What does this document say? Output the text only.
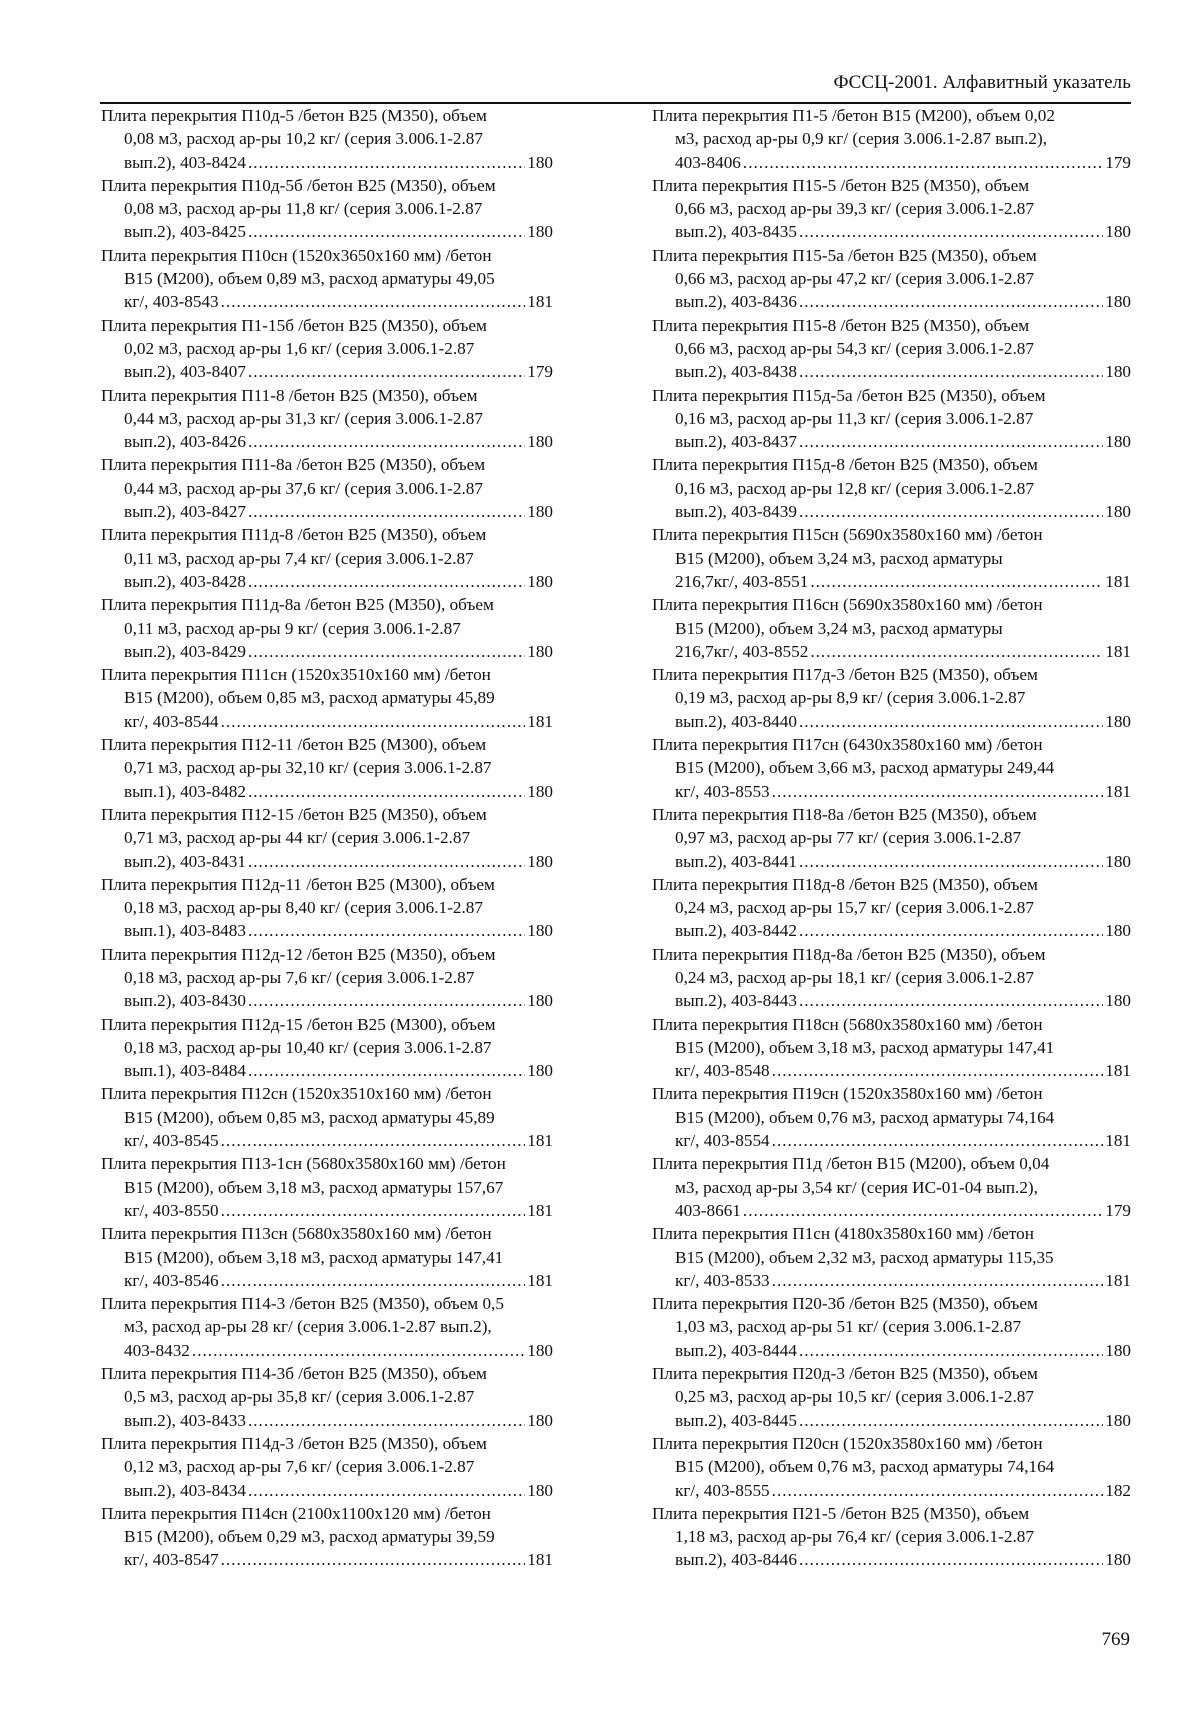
ФССЦ-2001. Алфавитный указатель
Плита перекрытия П10д-5 /бетон В25 (М350), объем
0,08 м3, расход ар-ры 10,2 кг/ (серия 3.006.1-2.87
вып.2), 403-8424 .....	180
Плита перекрытия П10д-5б /бетон В25 (М350), объем
0,08 м3, расход ар-ры 11,8 кг/ (серия 3.006.1-2.87
вып.2), 403-8425 .....	180
Плита перекрытия П10сн (1520х3650х160 мм) /бетон
В15 (М200), объем 0,89 м3, расход арматуры 49,05
кг/, 403-8543 .....	181
Плита перекрытия П1-15б /бетон В25 (М350), объем
0,02 м3, расход ар-ры 1,6 кг/ (серия 3.006.1-2.87
вып.2), 403-8407 .....	179
Плита перекрытия П11-8 /бетон В25 (М350), объем
0,44 м3, расход ар-ры 31,3 кг/ (серия 3.006.1-2.87
вып.2), 403-8426 .....	180
Плита перекрытия П11-8а /бетон В25 (М350), объем
0,44 м3, расход ар-ры 37,6 кг/ (серия 3.006.1-2.87
вып.2), 403-8427 .....	180
Плита перекрытия П11д-8 /бетон В25 (М350), объем
0,11 м3, расход ар-ры 7,4 кг/ (серия 3.006.1-2.87
вып.2), 403-8428 .....	180
Плита перекрытия П11д-8а /бетон В25 (М350), объем
0,11 м3, расход ар-ры 9 кг/ (серия 3.006.1-2.87
вып.2), 403-8429 .....	180
Плита перекрытия П11сн (1520х3510х160 мм) /бетон
В15 (М200), объем 0,85 м3, расход арматуры 45,89
кг/, 403-8544 .....	181
Плита перекрытия П12-11 /бетон В25 (М300), объем
0,71 м3, расход ар-ры 32,10 кг/ (серия 3.006.1-2.87
вып.1), 403-8482 .....	180
Плита перекрытия П12-15 /бетон В25 (М350), объем
0,71 м3, расход ар-ры 44 кг/ (серия 3.006.1-2.87
вып.2), 403-8431 .....	180
Плита перекрытия П12д-11 /бетон В25 (М300), объем
0,18 м3, расход ар-ры 8,40 кг/ (серия 3.006.1-2.87
вып.1), 403-8483 .....	180
Плита перекрытия П12д-12 /бетон В25 (М350), объем
0,18 м3, расход ар-ры 7,6 кг/ (серия 3.006.1-2.87
вып.2), 403-8430 .....	180
Плита перекрытия П12д-15 /бетон В25 (М300), объем
0,18 м3, расход ар-ры 10,40 кг/ (серия 3.006.1-2.87
вып.1), 403-8484 .....	180
Плита перекрытия П12сн (1520х3510х160 мм) /бетон
В15 (М200), объем 0,85 м3, расход арматуры 45,89
кг/, 403-8545 .....	181
Плита перекрытия П13-1сн (5680х3580х160 мм) /бетон
В15 (М200), объем 3,18 м3, расход арматуры 157,67
кг/, 403-8550 .....	181
Плита перекрытия П13сн (5680х3580х160 мм) /бетон
В15 (М200), объем 3,18 м3, расход арматуры 147,41
кг/, 403-8546 .....	181
Плита перекрытия П14-3 /бетон В25 (М350), объем 0,5
м3, расход ар-ры 28 кг/ (серия 3.006.1-2.87 вып.2),
403-8432 .....	180
Плита перекрытия П14-3б /бетон В25 (М350), объем
0,5 м3, расход ар-ры 35,8 кг/ (серия 3.006.1-2.87
вып.2), 403-8433 .....	180
Плита перекрытия П14д-3 /бетон В25 (М350), объем
0,12 м3, расход ар-ры 7,6 кг/ (серия 3.006.1-2.87
вып.2), 403-8434 .....	180
Плита перекрытия П14сн (2100х1100х120 мм) /бетон
В15 (М200), объем 0,29 м3, расход арматуры 39,59
кг/, 403-8547 .....	181
Плита перекрытия П1-5 /бетон В15 (М200), объем 0,02
м3, расход ар-ры 0,9 кг/ (серия 3.006.1-2.87 вып.2),
403-8406 .....	179
Плита перекрытия П15-5 /бетон В25 (М350), объем
0,66 м3, расход ар-ры 39,3 кг/ (серия 3.006.1-2.87
вып.2), 403-8435 .....	180
Плита перекрытия П15-5а /бетон В25 (М350), объем
0,66 м3, расход ар-ры 47,2 кг/ (серия 3.006.1-2.87
вып.2), 403-8436 .....	180
Плита перекрытия П15-8 /бетон В25 (М350), объем
0,66 м3, расход ар-ры 54,3 кг/ (серия 3.006.1-2.87
вып.2), 403-8438 .....	180
Плита перекрытия П15д-5а /бетон В25 (М350), объем
0,16 м3, расход ар-ры 11,3 кг/ (серия 3.006.1-2.87
вып.2), 403-8437 .....	180
Плита перекрытия П15д-8 /бетон В25 (М350), объем
0,16 м3, расход ар-ры 12,8 кг/ (серия 3.006.1-2.87
вып.2), 403-8439 .....	180
Плита перекрытия П15сн (5690х3580х160 мм) /бетон
В15 (М200), объем 3,24 м3, расход арматуры
216,7кг/, 403-8551 .....	181
Плита перекрытия П16сн (5690х3580х160 мм) /бетон
В15 (М200), объем 3,24 м3, расход арматуры
216,7кг/, 403-8552 .....	181
Плита перекрытия П17д-3 /бетон В25 (М350), объем
0,19 м3, расход ар-ры 8,9 кг/ (серия 3.006.1-2.87
вып.2), 403-8440 .....	180
Плита перекрытия П17сн (6430х3580х160 мм) /бетон
В15 (М200), объем 3,66 м3, расход арматуры 249,44
кг/, 403-8553 .....	181
Плита перекрытия П18-8а /бетон В25 (М350), объем
0,97 м3, расход ар-ры 77 кг/ (серия 3.006.1-2.87
вып.2), 403-8441 .....	180
Плита перекрытия П18д-8 /бетон В25 (М350), объем
0,24 м3, расход ар-ры 15,7 кг/ (серия 3.006.1-2.87
вып.2), 403-8442 .....	180
Плита перекрытия П18д-8а /бетон В25 (М350), объем
0,24 м3, расход ар-ры 18,1 кг/ (серия 3.006.1-2.87
вып.2), 403-8443 .....	180
Плита перекрытия П18сн (5680х3580х160 мм) /бетон
В15 (М200), объем 3,18 м3, расход арматуры 147,41
кг/, 403-8548 .....	181
Плита перекрытия П19сн (1520х3580х160 мм) /бетон
В15 (М200), объем 0,76 м3, расход арматуры 74,164
кг/, 403-8554 .....	181
Плита перекрытия П1д /бетон В15 (М200), объем 0,04
м3, расход ар-ры 3,54 кг/ (серия ИС-01-04 вып.2),
403-8661 .....	179
Плита перекрытия П1сн (4180х3580х160 мм) /бетон
В15 (М200), объем 2,32 м3, расход арматуры 115,35
кг/, 403-8533 .....	181
Плита перекрытия П20-3б /бетон В25 (М350), объем
1,03 м3, расход ар-ры 51 кг/ (серия 3.006.1-2.87
вып.2), 403-8444 .....	180
Плита перекрытия П20д-3 /бетон В25 (М350), объем
0,25 м3, расход ар-ры 10,5 кг/ (серия 3.006.1-2.87
вып.2), 403-8445 .....	180
Плита перекрытия П20сн (1520х3580х160 мм) /бетон
В15 (М200), объем 0,76 м3, расход арматуры 74,164
кг/, 403-8555 .....	182
Плита перекрытия П21-5 /бетон В25 (М350), объем
1,18 м3, расход ар-ры 76,4 кг/ (серия 3.006.1-2.87
вып.2), 403-8446 .....	180
769
